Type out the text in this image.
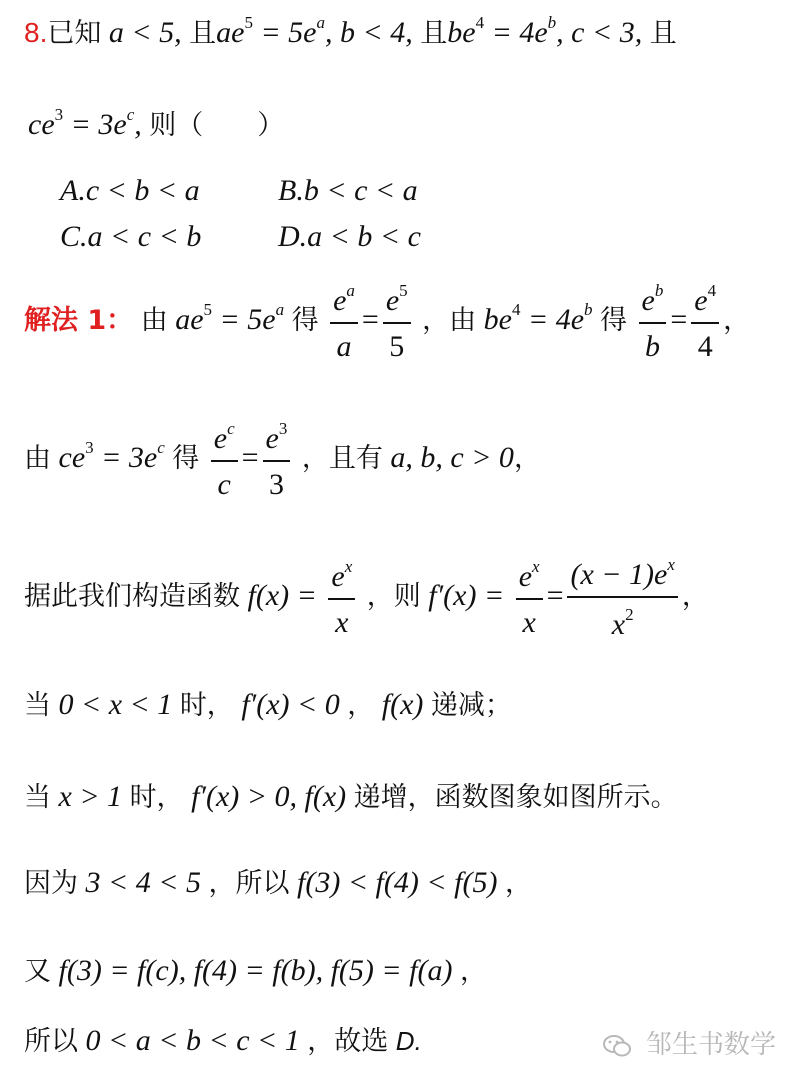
8.已知 a < 5, 且$ae^5 = 5e^a$, b < 4, 且$be^4 = 4e^b$, c < 3, 且
$ce^3 = 3e^c$, 则（　　）
A.c < b < a	B.b < c < a
C.a < c < b	D.a < b < c
解法 1： 由 $ae^5 = 5e^a$ 得 $\frac{e^a}{a} = \frac{e^5}{5}$ ，由 $be^4 = 4e^b$ 得 $\frac{e^b}{b} = \frac{e^4}{4}$ ，
由 $ce^3 = 3e^c$ 得 $\frac{e^c}{c} = \frac{e^3}{3}$ ，且有 a, b, c > 0，
据此我们构造函数 $f(x) = \frac{e^x}{x}$ ，则 $f'(x) = \frac{e^x}{x} = \frac{(x - 1)e^x}{x^2}$ ，
当 0 < x < 1 时， f′(x) < 0 ， f(x) 递减；
当 x > 1 时， f′(x) > 0, f(x) 递增，函数图象如图所示。
因为 3 < 4 < 5 ，所以 f(3) < f(4) < f(5) ，
又 f(3) = f(c), f(4) = f(b), f(5) = f(a) ，
所以 0 < a < b < c < 1 ，故选 D.	邹生书数学
